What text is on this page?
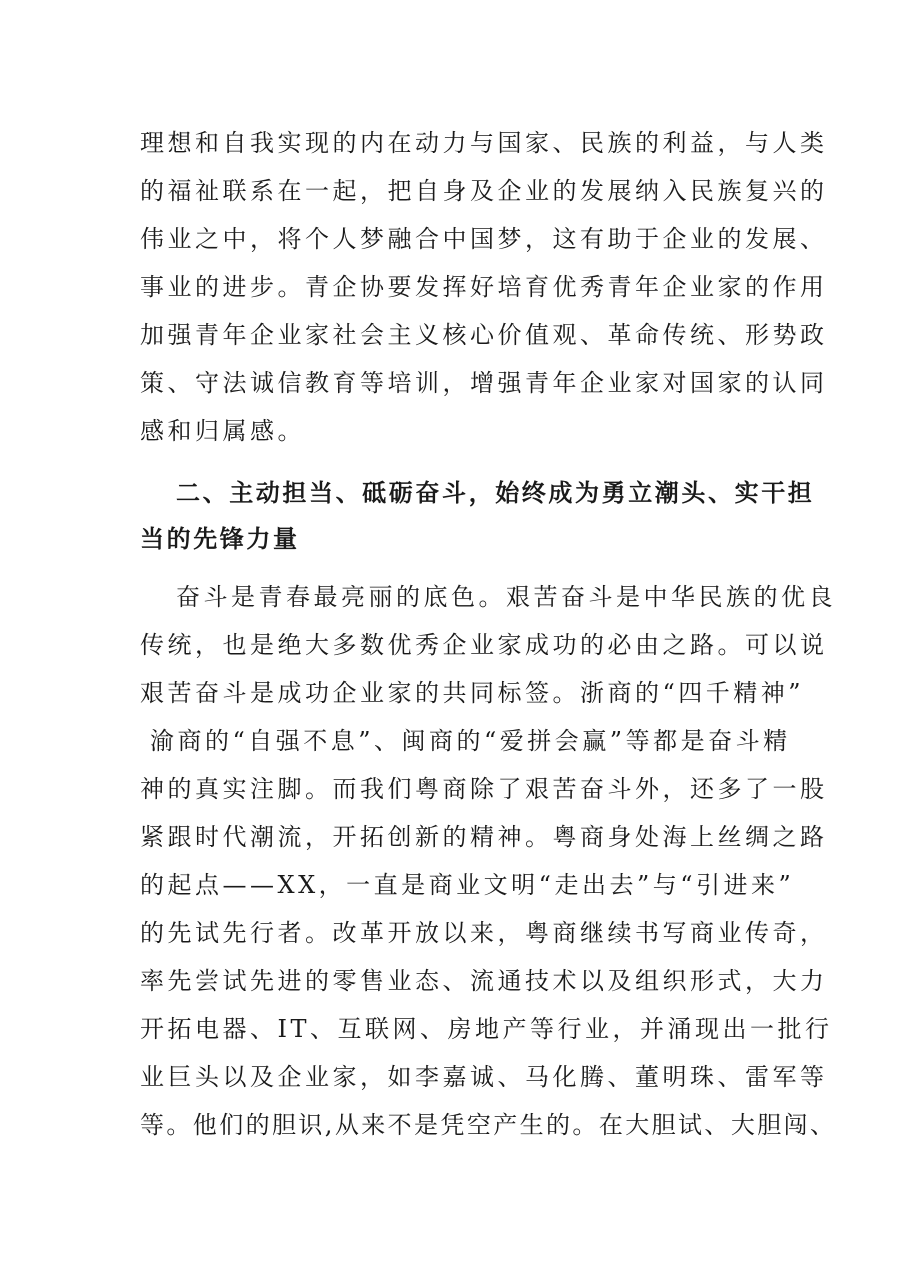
理想和自我实现的内在动力与国家、民族的利益，与人类
的福祉联系在一起，把自身及企业的发展纳入民族复兴的
伟业之中，将个人梦融合中国梦，这有助于企业的发展、
事业的进步。青企协要发挥好培育优秀青年企业家的作用
加强青年企业家社会主义核心价值观、革命传统、形势政
策、守法诚信教育等培训，增强青年企业家对国家的认同
感和归属感。
二、主动担当、砥砺奋斗，始终成为勇立潮头、实干担
当的先锋力量
奋斗是青春最亮丽的底色。艰苦奋斗是中华民族的优良
传统，也是绝大多数优秀企业家成功的必由之路。可以说
艰苦奋斗是成功企业家的共同标签。浙商的“四千精神”
渝商的“自强不息”、闽商的“爱拼会赢”等都是奋斗精
神的真实注脚。而我们粤商除了艰苦奋斗外，还多了一股
紧跟时代潮流，开拓创新的精神。粤商身处海上丝绸之路
的起点——XX，一直是商业文明“走出去”与“引进来”
的先试先行者。改革开放以来，粤商继续书写商业传奇，
率先尝试先进的零售业态、流通技术以及组织形式，大力
开拓电器、IT、互联网、房地产等行业，并涌现出一批行
业巨头以及企业家，如李嘉诚、马化腾、董明珠、雷军等
等。他们的胆识,从来不是凭空产生的。在大胆试、大胆闯、
